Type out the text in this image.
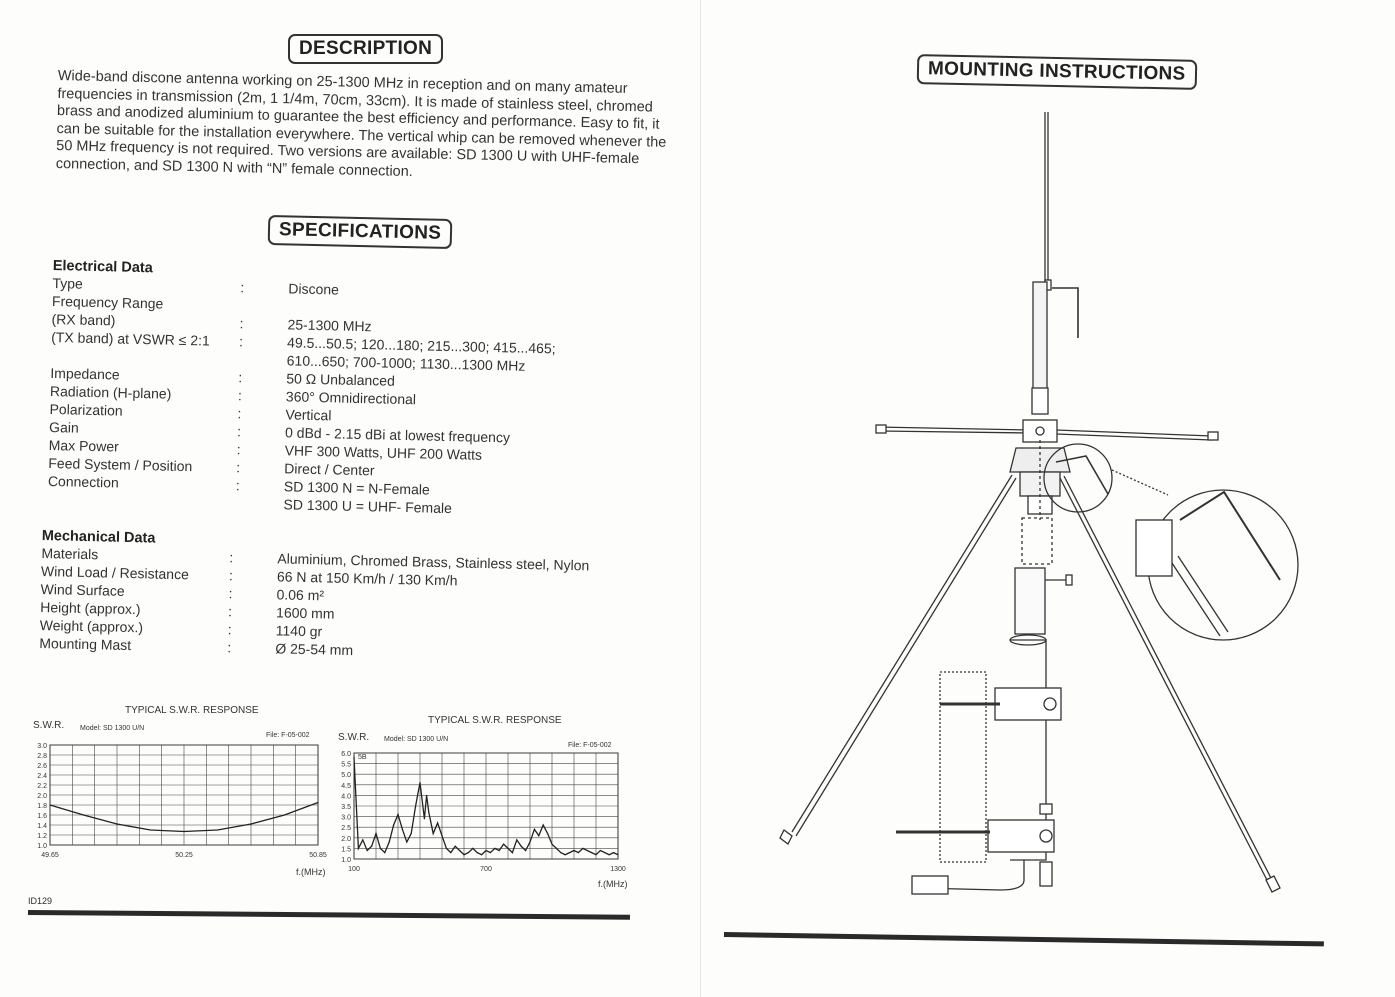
DESCRIPTION
Wide-band discone antenna working on 25-1300 MHz in reception and on many amateur frequencies in transmission (2m, 1 1/4m, 70cm, 33cm). It is made of stainless steel, chromed brass and anodized aluminium to guarantee the best efficiency and performance. Easy to fit, it can be suitable for the installation everywhere. The vertical whip can be removed whenever the 50 MHz frequency is not required. Two versions are available: SD 1300 U with UHF-female connection, and SD 1300 N with “N” female connection.
SPECIFICATIONS
Electrical Data
Type	:	Discone
Frequency Range
(RX band)	:	25-1300 MHz
(TX band) at VSWR ≤ 2:1 :	49.5...50.5; 120...180; 215...300; 415...465;
610...650; 700-1000; 1130...1300 MHz
Impedance	:	50 Ω Unbalanced
Radiation (H-plane)	:	360° Omnidirectional
Polarization	:	Vertical
Gain	:	0 dBd - 2.15 dBi at lowest frequency
Max Power	:	VHF 300 Watts, UHF 200 Watts
Feed System / Position	:	Direct / Center
Connection	:	SD 1300 N = N-Female
SD 1300 U = UHF- Female
Mechanical Data
Materials	:	Aluminium, Chromed Brass, Stainless steel, Nylon
Wind Load / Resistance	:	66 N at 150 Km/h / 130 Km/h
Wind Surface	:	0.06 m²
Height (approx.)	:	1600 mm
Weight (approx.)	:	1140 gr
Mounting Mast	:	Ø 25-54 mm
TYPICAL S.W.R. RESPONSE
S.W.R. Model: SD 1300 U/N
File: F-05-002
f.(MHz)
3.0
2.8
2.6
2.4
2.2
2.0
1.8
1.6
1.4
1.2
1.0
49.65	50.25	50.85
TYPICAL S.W.R. RESPONSE
S.W.R. Model: SD 1300 U/N
File: F-05-002
5B
f.(MHz)
6.0
5.5
5.0
4.5
4.0
3.5
3.0
2.5
2.0
1.5
1.0
100	700	1300
ID129
MOUNTING INSTRUCTIONS
